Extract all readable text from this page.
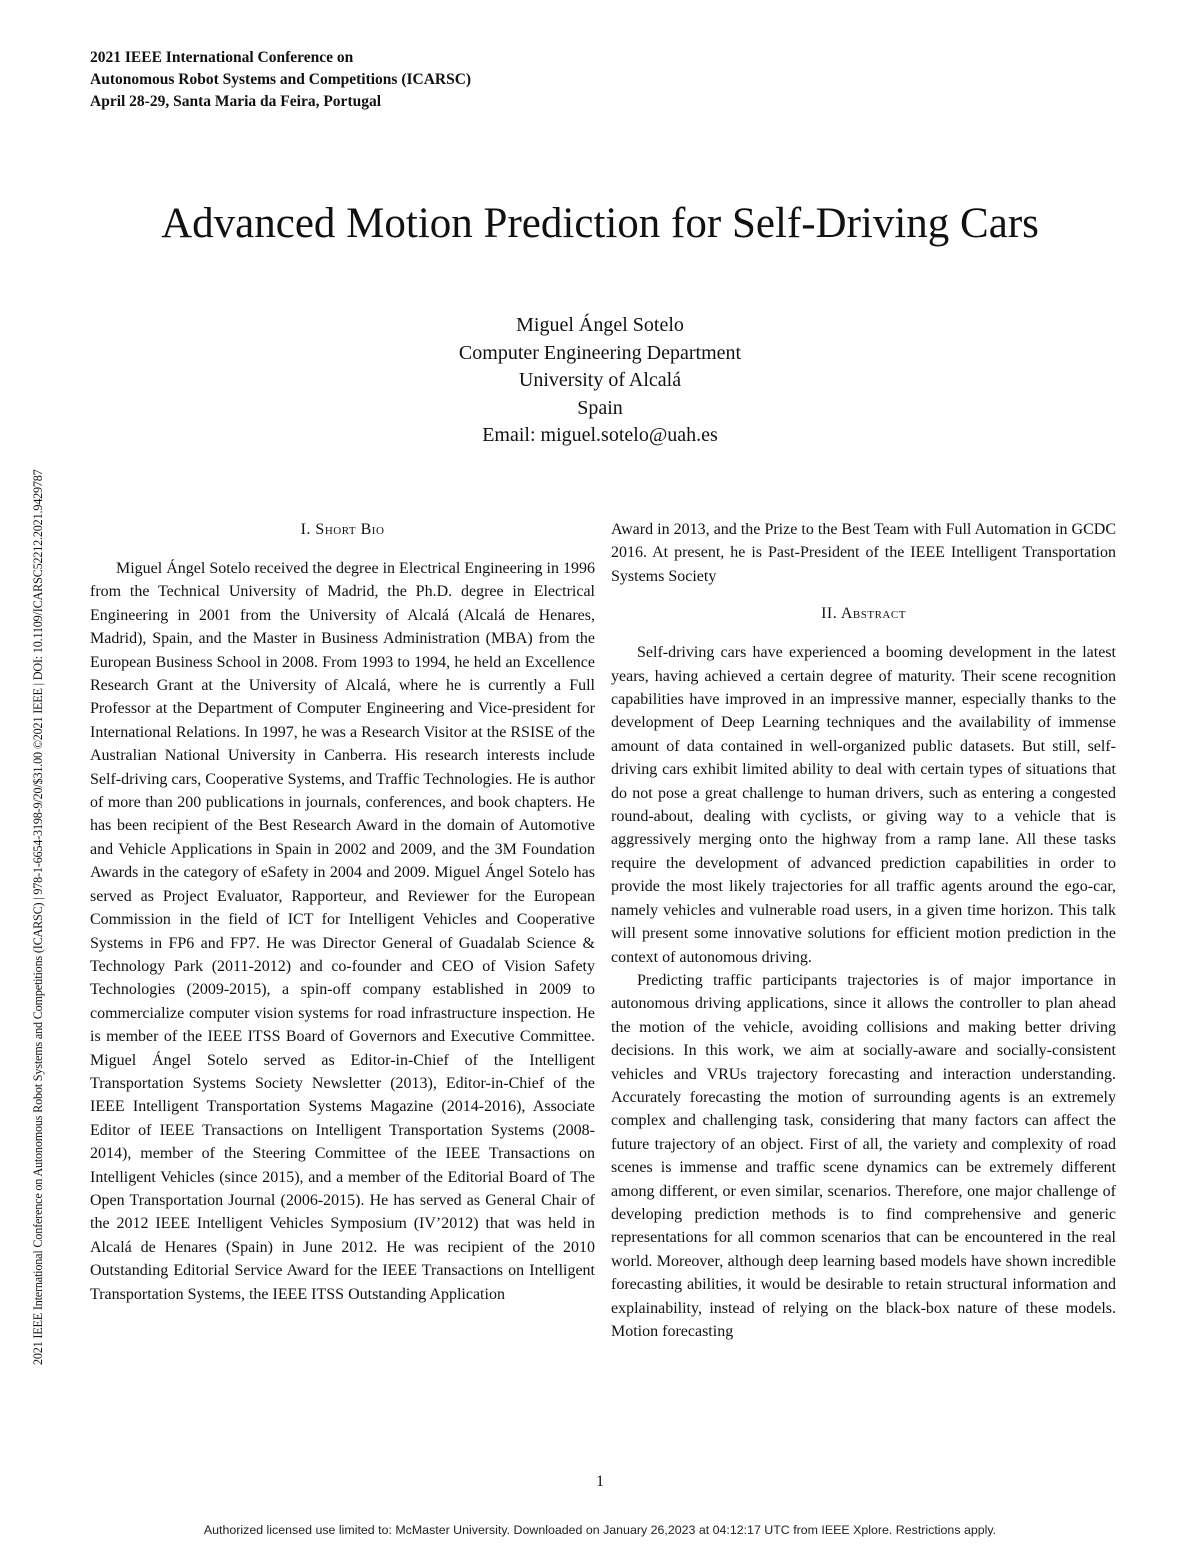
2021 IEEE International Conference on
Autonomous Robot Systems and Competitions (ICARSC)
April 28-29, Santa Maria da Feira, Portugal
2021 IEEE International Conference on Autonomous Robot Systems and Competitions (ICARSC) | 978-1-6654-3198-9/20/$31.00 ©2021 IEEE | DOI: 10.1109/ICARSC52212.2021.9429787
Advanced Motion Prediction for Self-Driving Cars
Miguel Ángel Sotelo
Computer Engineering Department
University of Alcalá
Spain
Email: miguel.sotelo@uah.es
I. Short Bio

Miguel Ángel Sotelo received the degree in Electrical Engineering in 1996 from the Technical University of Madrid, the Ph.D. degree in Electrical Engineering in 2001 from the University of Alcalá (Alcalá de Henares, Madrid), Spain, and the Master in Business Administration (MBA) from the European Business School in 2008. From 1993 to 1994, he held an Excellence Research Grant at the University of Alcalá, where he is currently a Full Professor at the Department of Computer Engineering and Vice-president for International Relations. In 1997, he was a Research Visitor at the RSISE of the Australian National University in Canberra. His research interests include Self-driving cars, Cooperative Systems, and Traffic Technologies. He is author of more than 200 publications in journals, conferences, and book chapters. He has been recipient of the Best Research Award in the domain of Automotive and Vehicle Applications in Spain in 2002 and 2009, and the 3M Foundation Awards in the category of eSafety in 2004 and 2009. Miguel Ángel Sotelo has served as Project Evaluator, Rapporteur, and Reviewer for the European Commission in the field of ICT for Intelligent Vehicles and Cooperative Systems in FP6 and FP7. He was Director General of Guadalab Science & Technology Park (2011-2012) and co-founder and CEO of Vision Safety Technologies (2009-2015), a spin-off company established in 2009 to commercialize computer vision systems for road infrastructure inspection. He is member of the IEEE ITSS Board of Governors and Executive Committee. Miguel Ángel Sotelo served as Editor-in-Chief of the Intelligent Transportation Systems Society Newsletter (2013), Editor-in-Chief of the IEEE Intelligent Transportation Systems Magazine (2014-2016), Associate Editor of IEEE Transactions on Intelligent Transportation Systems (2008-2014), member of the Steering Committee of the IEEE Transactions on Intelligent Vehicles (since 2015), and a member of the Editorial Board of The Open Transportation Journal (2006-2015). He has served as General Chair of the 2012 IEEE Intelligent Vehicles Symposium (IV’2012) that was held in Alcalá de Henares (Spain) in June 2012. He was recipient of the 2010 Outstanding Editorial Service Award for the IEEE Transactions on Intelligent Transportation Systems, the IEEE ITSS Outstanding Application

Award in 2013, and the Prize to the Best Team with Full Automation in GCDC 2016. At present, he is Past-President of the IEEE Intelligent Transportation Systems Society

II. Abstract

Self-driving cars have experienced a booming development in the latest years, having achieved a certain degree of maturity. Their scene recognition capabilities have improved in an impressive manner, especially thanks to the development of Deep Learning techniques and the availability of immense amount of data contained in well-organized public datasets. But still, self-driving cars exhibit limited ability to deal with certain types of situations that do not pose a great challenge to human drivers, such as entering a congested round-about, dealing with cyclists, or giving way to a vehicle that is aggressively merging onto the highway from a ramp lane. All these tasks require the development of advanced prediction capabilities in order to provide the most likely trajectories for all traffic agents around the ego-car, namely vehicles and vulnerable road users, in a given time horizon. This talk will present some innovative solutions for efficient motion prediction in the context of autonomous driving.

Predicting traffic participants trajectories is of major importance in autonomous driving applications, since it allows the controller to plan ahead the motion of the vehicle, avoiding collisions and making better driving decisions. In this work, we aim at socially-aware and socially-consistent vehicles and VRUs trajectory forecasting and interaction understanding. Accurately forecasting the motion of surrounding agents is an extremely complex and challenging task, considering that many factors can affect the future trajectory of an object. First of all, the variety and complexity of road scenes is immense and traffic scene dynamics can be extremely different among different, or even similar, scenarios. Therefore, one major challenge of developing prediction methods is to find comprehensive and generic representations for all common scenarios that can be encountered in the real world. Moreover, although deep learning based models have shown incredible forecasting abilities, it would be desirable to retain structural information and explainability, instead of relying on the black-box nature of these models. Motion forecasting

1
Authorized licensed use limited to: McMaster University. Downloaded on January 26,2023 at 04:12:17 UTC from IEEE Xplore. Restrictions apply.
